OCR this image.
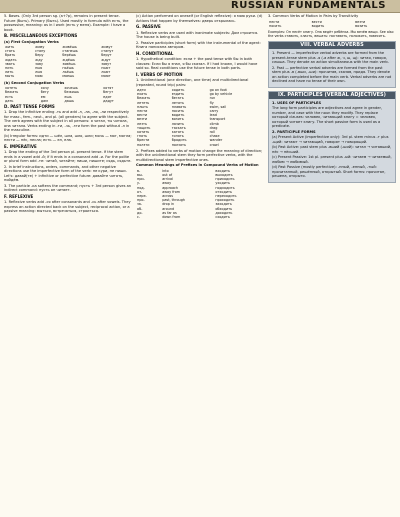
RUSSIAN FUNDAMENTALS

5. Bases. (Only 3rd person sg. (a+?p), remains in present tense. Future (быть). Primary (быть). Used mostly in formula with есть, the possessive, meaning: as in I work (есть у меня). Example: I have a book.

B. MISCELLANEOUS EXCEPTIONS
(a) First Conjugation Verbs
жить	живу	живёшь	живут
стать	стану	станешь	станут
брать	беру	берёшь	берут
ждать	жду	ждёшь	ждут
звать	зову	зовёшь	зовут
пить	пью	пьёшь	пьют
лить	лью	льёшь	льют
мыть	мою	моешь	моют
(b) Second Conjugation Verbs
хотеть	хочу	хочешь	хотят
бежать	бегу	бежишь	бегут
есть	ем	ешь	едят
дать	дам	дашь	дадут
D. PAST TENSE FORMS

1. Drop the infinitive ending -ть and add -л, -ла, -ло, -ли respectively for masc., fem., neut., and pl. (all genders) to agree with the subject. The verb agrees with the subject in all persons: я читал, ты читала, она читала. Verbs ending in -ти, -чь, -зти form the past without -л in the masculine.

(b) Irregular forms: идти — шёл, шла, шло, шли; мочь — мог, могла; нести — нёс, несла; есть — ел, ела.

E. IMPERATIVE

1. Drop the ending of the 3rd person pl. present tense. If the stem ends in a vowel add -й; if it ends in a consonant add -и. For the polite or plural form add -те: читай, читайте; пиши, пишите; сядь, сядьте.

2. In brief instructions, orders, commands, and other negative directions use the imperfective form of the verb: не кури, не пиши. Let's: давай(те) + infinitive or perfective future: давайте читать, пойдём.

3. The particle -ка softens the command; пусть + 3rd person gives an indirect command: пусть он читает.

F. REFLEXIVE

1. Reflexive verbs add -ся after consonants and -сь after vowels. They express an action directed back on the subject, reciprocal action, or a passive meaning: мыться, встречаться, строиться.

(c) Action performed on oneself (or English reflexive): я мою руки. (d) Actions that happen by themselves: дверь открылась.

G. PASSIVE

1. Reflexive verbs are used with inanimate subjects: Дом строится. The house is being built.

2. Passive participles (short form) with the instrumental of the agent: Книга написана автором.

H. CONDITIONAL

1. Hypothetical condition: если + the past tense with бы in both clauses: Если бы я знал, я бы сказал. If I had known, I would have said so. Real conditions use the future tense in both parts.

I. VERBS OF MOTION

1. Unidirectional (one direction, one time) and multidirectional (repeated, round trip) pairs:

идти	ходить	go on foot
ехать	ездить	go by vehicle
бежать	бегать	run
лететь	летать	fly
плыть	плавать	swim, sail
нести	носить	carry
вести	водить	lead
везти	возить	transport
лезть	лазить	climb
тащить	таскать	drag
катить	катать	roll
гнать	гонять	chase
брести	бродить	wander
ползти	ползать	crawl

2. Prefixes added to verbs of motion change the meaning of direction; with the unidirectional stem they form perfective verbs, with the multidirectional stem imperfective ones.

Common Meanings of Prefixes in Compound Verbs of Motion
в-	into	входить
вы-	out of	выходить
при-	arrival	приходить
у-	away	уходить
под-	approach	подходить
от-	away from	отходить
пере-	across	переходить
про-	past, through	проходить
за-	drop in	заходить
об-	around	обходить
до-	as far as	доходить
с-	down from	сходить

3. Common Verbs of Motion in Pairs by Transitivity

нести	вести	везти
носить	водить	возить

Examples: Он несёт книгу. Она ведёт ребёнка. Мы везём вещи. See also the verbs ставить, класть, вешать: поставить, положить, повесить.

VIII. VERBAL ADVERBS

1. Present — imperfective verbal adverbs are formed from the present-tense stem plus -я (-а after ж, ч, ш, щ): читая, говоря, слыша. They denote an action simultaneous with the main verb.

2. Past — perfective verbal adverbs are formed from the past stem plus -в (-вши, -ши): прочитав, сказав, придя. They denote an action completed before the main verb. Verbal adverbs are not declined and have no tense of their own.

IX. PARTICIPLES (VERBAL ADJECTIVES)
1. USES OF PARTICIPLES

The long form participles are adjectives and agree in gender, number, and case with the noun they modify. They replace который clauses: человек, читающий книгу = человек, который читает книгу. The short passive form is used as a predicate.

2. PARTICIPLE FORMS

(a) Present Active (imperfective only): 3rd pl. stem minus -т plus -щий: читают → читающий, говорят → говорящий.

(b) Past Active: past stem plus -вший (-ший): читал → читавший, нёс → нёсший.

(c) Present Passive: 1st pl. present plus -ый: читаем → читаемый, любим → любимый.

(d) Past Passive (mostly perfective): -нный, -енный, -тый: прочитанный, решённый, открытый. Short forms: прочитан, решена, открыто.
